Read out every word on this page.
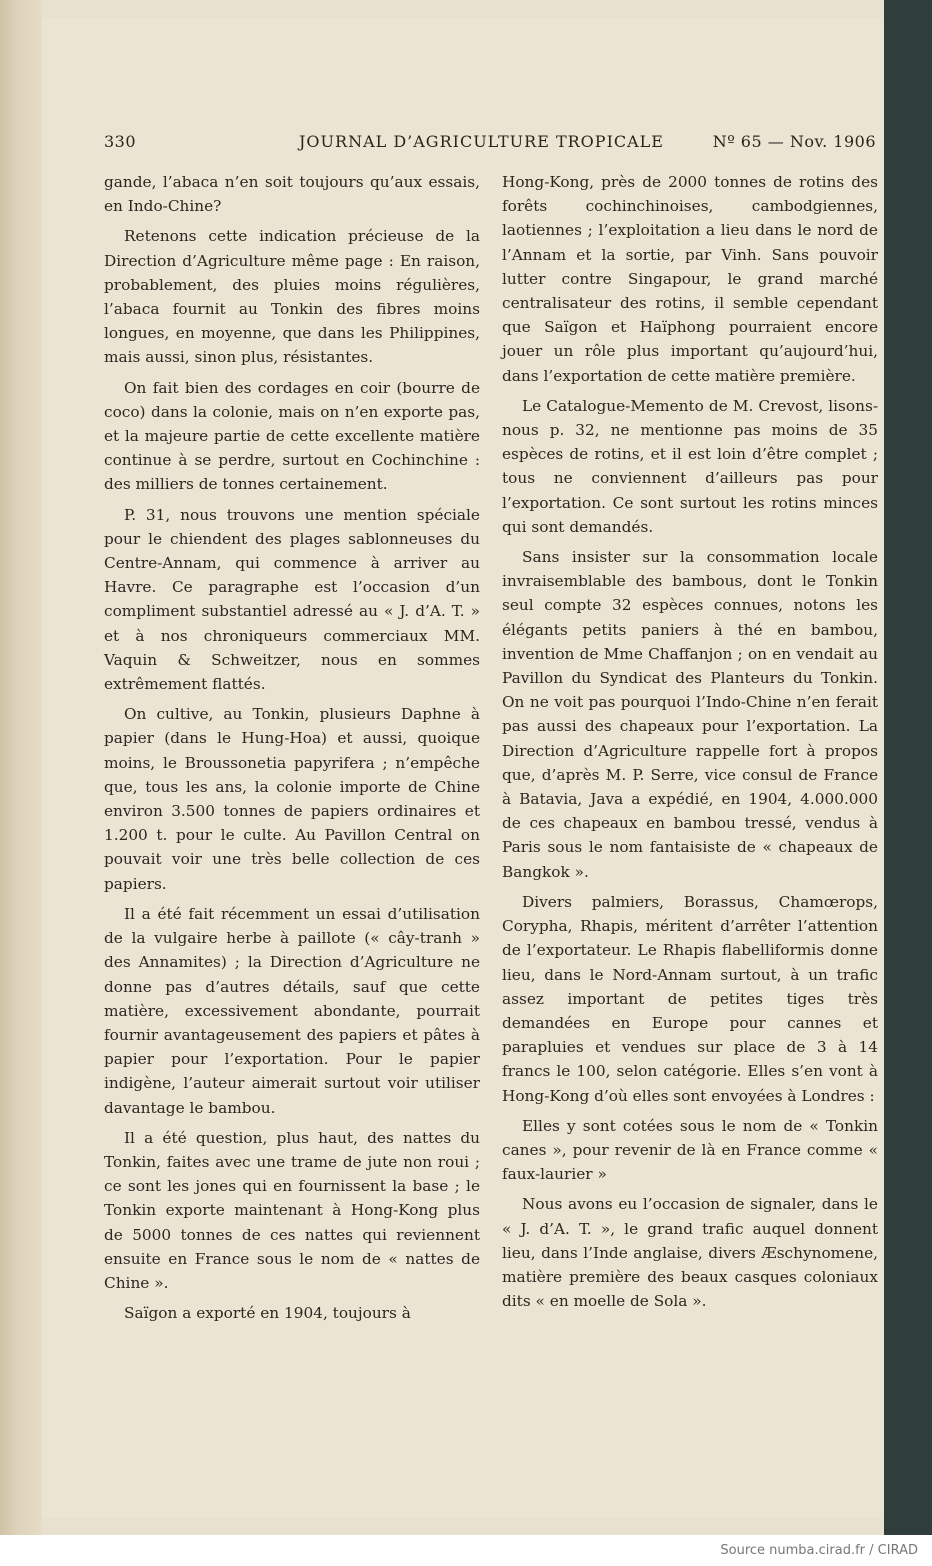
330	JOURNAL D’AGRICULTURE TROPICALE	Nº 65 — Nov. 1906

gande, l’abaca n’en soit toujours qu’aux essais, en Indo-Chine?

Retenons cette indication précieuse de la Direction d’Agriculture même page : En raison, probablement, des pluies moins régulières, l’abaca fournit au Tonkin des fibres moins longues, en moyenne, que dans les Philippines, mais aussi, sinon plus, résistantes.

On fait bien des cordages en coir (bourre de coco) dans la colonie, mais on n’en exporte pas, et la majeure partie de cette excellente matière continue à se perdre, surtout en Cochinchine : des milliers de tonnes certainement.

P. 31, nous trouvons une mention spéciale pour le chiendent des plages sablonneuses du Centre-Annam, qui commence à arriver au Havre. Ce paragraphe est l’occasion d’un compliment substantiel adressé au « J. d’A. T. » et à nos chroniqueurs commerciaux MM. Vaquin & Schweitzer, nous en sommes extrêmement flattés.

On cultive, au Tonkin, plusieurs Daphne à papier (dans le Hung-Hoa) et aussi, quoique moins, le Broussonetia papyrifera ; n’empêche que, tous les ans, la colonie importe de Chine environ 3.500 tonnes de papiers ordinaires et 1.200 t. pour le culte. Au Pavillon Central on pouvait voir une très belle collection de ces papiers.

Il a été fait récemment un essai d’utilisation de la vulgaire herbe à paillote (« cây-tranh » des Annamites) ; la Direction d’Agriculture ne donne pas d’autres détails, sauf que cette matière, excessivement abondante, pourrait fournir avantageusement des papiers et pâtes à papier pour l’exportation. Pour le papier indigène, l’auteur aimerait surtout voir utiliser davantage le bambou.

Il a été question, plus haut, des nattes du Tonkin, faites avec une trame de jute non roui ; ce sont les jones qui en fournissent la base ; le Tonkin exporte maintenant à Hong-Kong plus de 5000 tonnes de ces nattes qui reviennent ensuite en France sous le nom de « nattes de Chine ».

Saïgon a exporté en 1904, toujours à

Hong-Kong, près de 2000 tonnes de rotins des forêts cochinchinoises, cambodgiennes, laotiennes ; l’exploitation a lieu dans le nord de l’Annam et la sortie, par Vinh. Sans pouvoir lutter contre Singapour, le grand marché centralisateur des rotins, il semble cependant que Saïgon et Haïphong pourraient encore jouer un rôle plus important qu’aujourd’hui, dans l’exportation de cette matière première.

Le Catalogue-Memento de M. Crevost, lisons-nous p. 32, ne mentionne pas moins de 35 espèces de rotins, et il est loin d’être complet ; tous ne conviennent d’ailleurs pas pour l’exportation. Ce sont surtout les rotins minces qui sont demandés.

Sans insister sur la consommation locale invraisemblable des bambous, dont le Tonkin seul compte 32 espèces connues, notons les élégants petits paniers à thé en bambou, invention de Mme Chaffanjon ; on en vendait au Pavillon du Syndicat des Planteurs du Tonkin. On ne voit pas pourquoi l’Indo-Chine n’en ferait pas aussi des chapeaux pour l’exportation. La Direction d’Agriculture rappelle fort à propos que, d’après M. P. Serre, vice consul de France à Batavia, Java a expédié, en 1904, 4.000.000 de ces chapeaux en bambou tressé, vendus à Paris sous le nom fantaisiste de « chapeaux de Bangkok ».

Divers palmiers, Borassus, Chamœrops, Corypha, Rhapis, méritent d’arrêter l’attention de l’exportateur. Le Rhapis flabelliformis donne lieu, dans le Nord-Annam surtout, à un trafic assez important de petites tiges très demandées en Europe pour cannes et parapluies et vendues sur place de 3 à 14 francs le 100, selon catégorie. Elles s’en vont à Hong-Kong d’où elles sont envoyées à Londres :

Elles y sont cotées sous le nom de « Tonkin canes », pour revenir de là en France comme « faux-laurier »

Nous avons eu l’occasion de signaler, dans le « J. d’A. T. », le grand trafic auquel donnent lieu, dans l’Inde anglaise, divers Æschynomene, matière première des beaux casques coloniaux dits « en moelle de Sola ».

Source numba.cirad.fr / CIRAD
